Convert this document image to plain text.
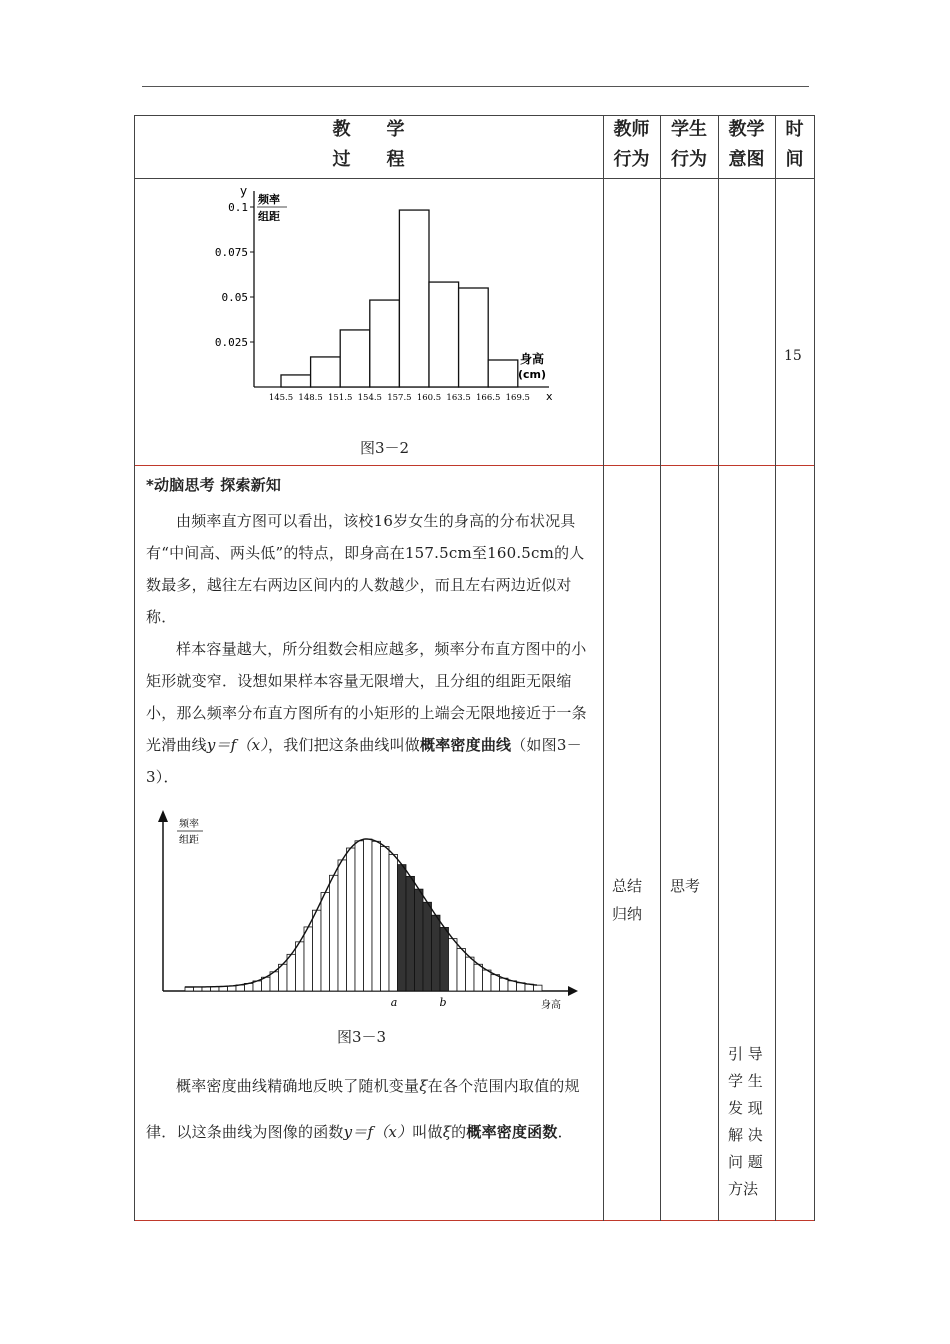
教　　学
过　　程
教师
行为
学生
行为
教学
意图
时
间
y
频率
组距
0.025
0.05
0.075
0.1
145.5 148.5 151.5 154.5 157.5 160.5 163.5 166.5 169.5 x
身高
(cm)
图3－2
15
*动脑思考 探索新知
由频率直方图可以看出，该校16岁女生的身高的分布状况具有“中间高、两头低”的特点，即身高在157.5cm至160.5cm的人数最多，越往左右两边区间内的人数越少，而且左右两边近似对称．
样本容量越大，所分组数会相应越多，频率分布直方图中的小矩形就变窄．设想如果样本容量无限增大，且分组的组距无限缩小，那么频率分布直方图所有的小矩形的上端会无限地接近于一条光滑曲线y＝f（x），我们把这条曲线叫做概率密度曲线（如图3－3）．
频率
组距
a	b	身高
图3－3
概率密度曲线精确地反映了随机变量ξ在各个范围内取值的规律．以这条曲线为图像的函数y＝f（x）叫做ξ的概率密度函数．
总结
归纳
思考
引 导
学 生
发 现
解 决
问 题
方法
